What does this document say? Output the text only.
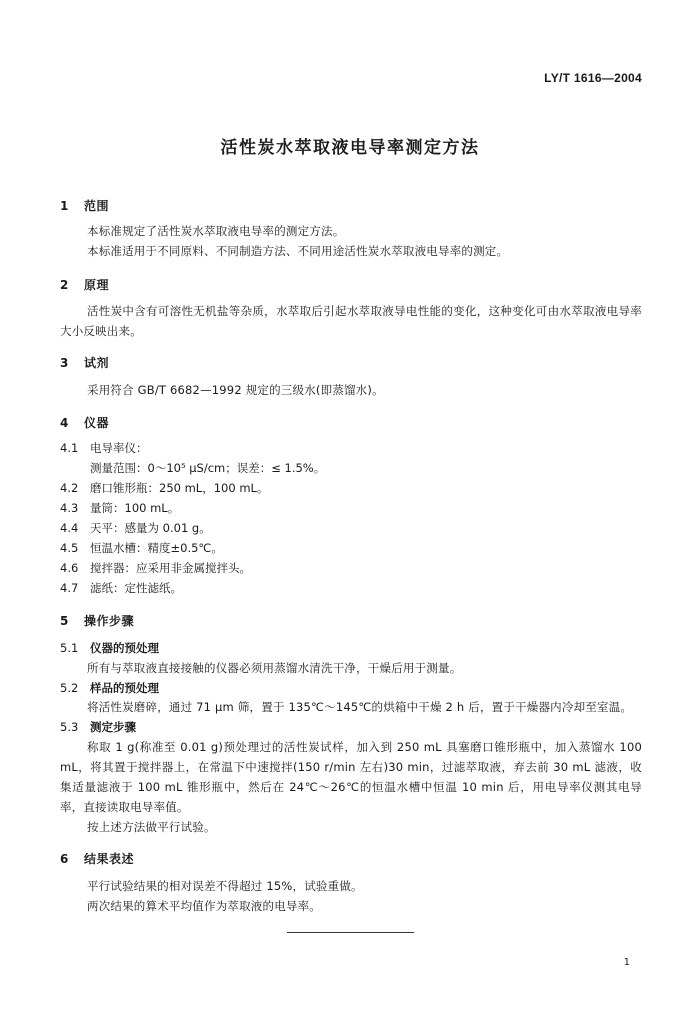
LY/T 1616—2004
活性炭水萃取液电导率测定方法
1 范围
本标准规定了活性炭水萃取液电导率的测定方法。
本标准适用于不同原料、不同制造方法、不同用途活性炭水萃取液电导率的测定。
2 原理
活性炭中含有可溶性无机盐等杂质，水萃取后引起水萃取液导电性能的变化，这种变化可由水萃取液电导率大小反映出来。
3 试剂
采用符合 GB/T 6682—1992 规定的三级水(即蒸馏水)。
4 仪器
4.1 电导率仪：
测量范围：0～10⁵ μS/cm；误差：≤ 1.5%。
4.2 磨口锥形瓶：250 mL，100 mL。
4.3 量筒：100 mL。
4.4 天平：感量为 0.01 g。
4.5 恒温水槽：精度±0.5℃。
4.6 搅拌器：应采用非金属搅拌头。
4.7 滤纸：定性滤纸。
5 操作步骤
5.1 仪器的预处理
所有与萃取液直接接触的仪器必须用蒸馏水清洗干净，干燥后用于测量。
5.2 样品的预处理
将活性炭磨碎，通过 71 μm 筛，置于 135℃～145℃的烘箱中干燥 2 h 后，置于干燥器内冷却至室温。
5.3 测定步骤
称取 1 g(称准至 0.01 g)预处理过的活性炭试样，加入到 250 mL 具塞磨口锥形瓶中，加入蒸馏水 100 mL，将其置于搅拌器上，在常温下中速搅拌(150 r/min 左右)30 min，过滤萃取液，弃去前 30 mL 滤液，收集适量滤液于 100 mL 锥形瓶中，然后在 24℃～26℃的恒温水槽中恒温 10 min 后，用电导率仪测其电导率，直接读取电导率值。
按上述方法做平行试验。
6 结果表述
平行试验结果的相对误差不得超过 15%，试验重做。
两次结果的算术平均值作为萃取液的电导率。
1
